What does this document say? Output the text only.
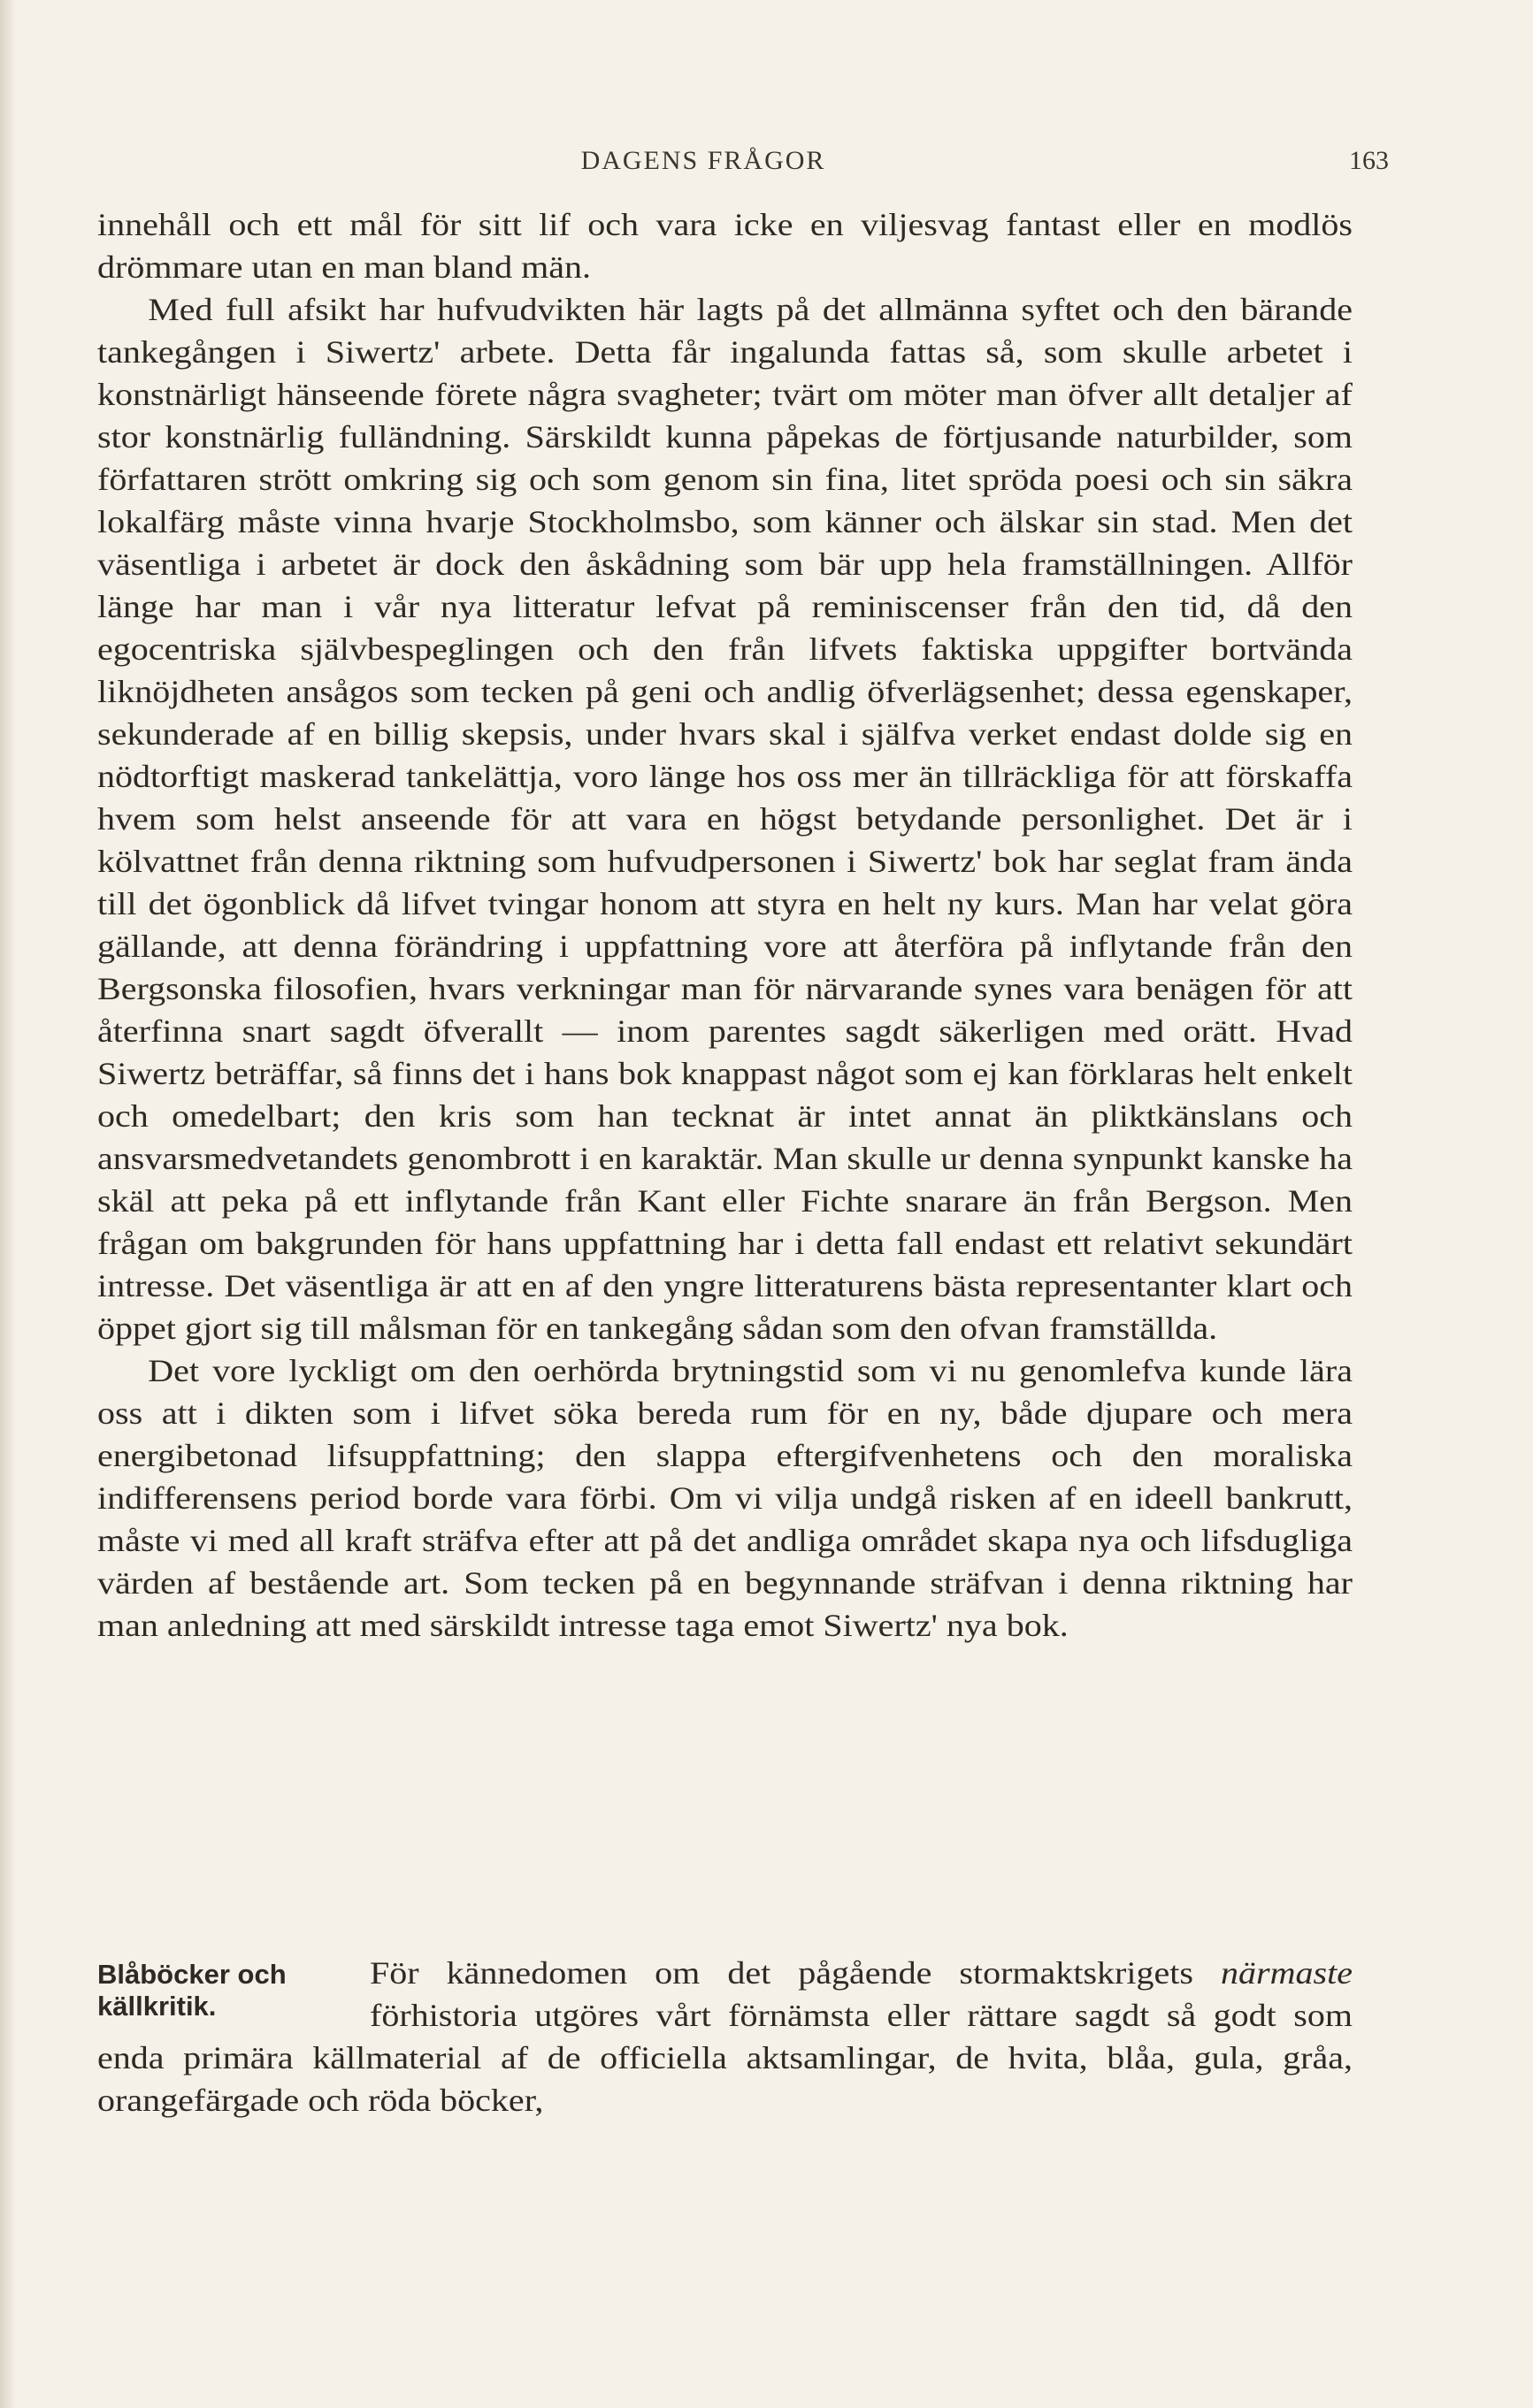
DAGENS FRÅGOR	163

innehåll och ett mål för sitt lif och vara icke en viljesvag fantast eller en modlös drömmare utan en man bland män.

Med full afsikt har hufvudvikten här lagts på det allmänna syftet och den bärande tankegången i Siwertz' arbete. Detta får ingalunda fattas så, som skulle arbetet i konstnärligt hänseende förete några svagheter; tvärt om möter man öfver allt detaljer af stor konstnärlig fulländning. Särskildt kunna påpekas de förtjusande naturbilder, som författaren strött omkring sig och som genom sin fina, litet spröda poesi och sin säkra lokalfärg måste vinna hvarje Stockholmsbo, som känner och älskar sin stad. Men det väsentliga i arbetet är dock den åskådning som bär upp hela framställningen. Allför länge har man i vår nya litteratur lefvat på reminiscenser från den tid, då den egocentriska självbespeglingen och den från lifvets faktiska uppgifter bortvända liknöjdheten ansågos som tecken på geni och andlig öfverlägsenhet; dessa egenskaper, sekunderade af en billig skepsis, under hvars skal i själfva verket endast dolde sig en nödtorftigt maskerad tankelättja, voro länge hos oss mer än tillräckliga för att förskaffa hvem som helst anseende för att vara en högst betydande personlighet. Det är i kölvattnet från denna riktning som hufvudpersonen i Siwertz' bok har seglat fram ända till det ögonblick då lifvet tvingar honom att styra en helt ny kurs. Man har velat göra gällande, att denna förändring i uppfattning vore att återföra på inflytande från den Bergsonska filosofien, hvars verkningar man för närvarande synes vara benägen för att återfinna snart sagdt öfverallt — inom parentes sagdt säkerligen med orätt. Hvad Siwertz beträffar, så finns det i hans bok knappast något som ej kan förklaras helt enkelt och omedelbart; den kris som han tecknat är intet annat än pliktkänslans och ansvarsmedvetandets genombrott i en karaktär. Man skulle ur denna synpunkt kanske ha skäl att peka på ett inflytande från Kant eller Fichte snarare än från Bergson. Men frågan om bakgrunden för hans uppfattning har i detta fall endast ett relativt sekundärt intresse. Det väsentliga är att en af den yngre litteraturens bästa representanter klart och öppet gjort sig till målsman för en tankegång sådan som den ofvan framställda.

Det vore lyckligt om den oerhörda brytningstid som vi nu genomlefva kunde lära oss att i dikten som i lifvet söka bereda rum för en ny, både djupare och mera energibetonad lifsuppfattning; den slappa eftergifvenhetens och den moraliska indifferensens period borde vara förbi. Om vi vilja undgå risken af en ideell bankrutt, måste vi med all kraft sträfva efter att på det andliga området skapa nya och lifsdugliga värden af bestående art. Som tecken på en begynnande sträfvan i denna riktning har man anledning att med särskildt intresse taga emot Siwertz' nya bok.

För kännedomen om det pågående stormaktskrigets närmaste förhistoria utgöres vårt förnämsta eller rättare sagdt så godt som enda primära källmaterial af de officiella aktsamlingar, de hvita, blåa, gula, gråa, orangefärgade och röda böcker,

Blåböcker och källkritik.
